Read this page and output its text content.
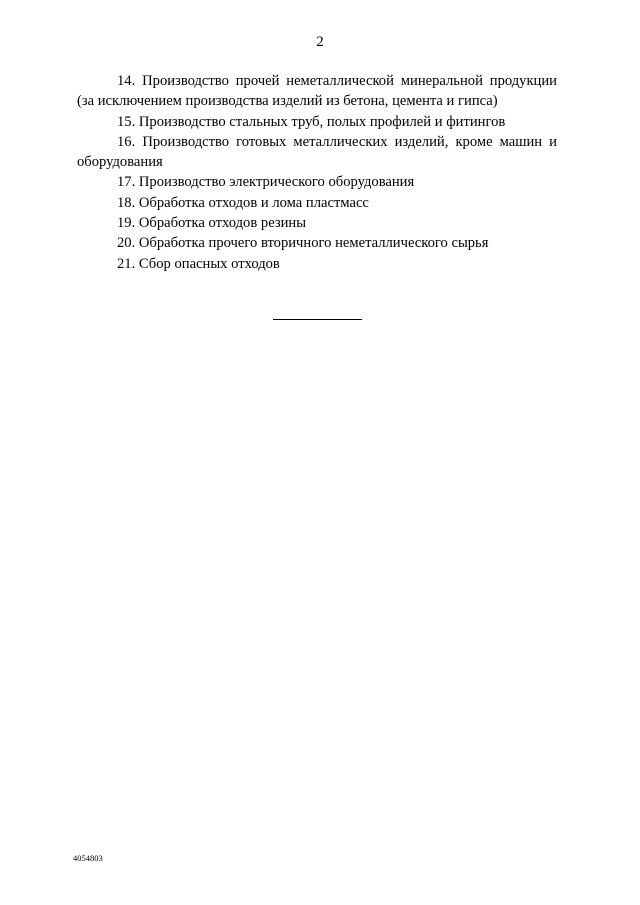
2

14. Производство прочей неметаллической минеральной продукции (за исключением производства изделий из бетона, цемента и гипса)

15. Производство стальных труб, полых профилей и фитингов

16. Производство готовых металлических изделий, кроме машин и оборудования

17. Производство электрического оборудования

18. Обработка отходов и лома пластмасс

19. Обработка отходов резины

20. Обработка прочего вторичного неметаллического сырья

21. Сбор опасных отходов

4054803
